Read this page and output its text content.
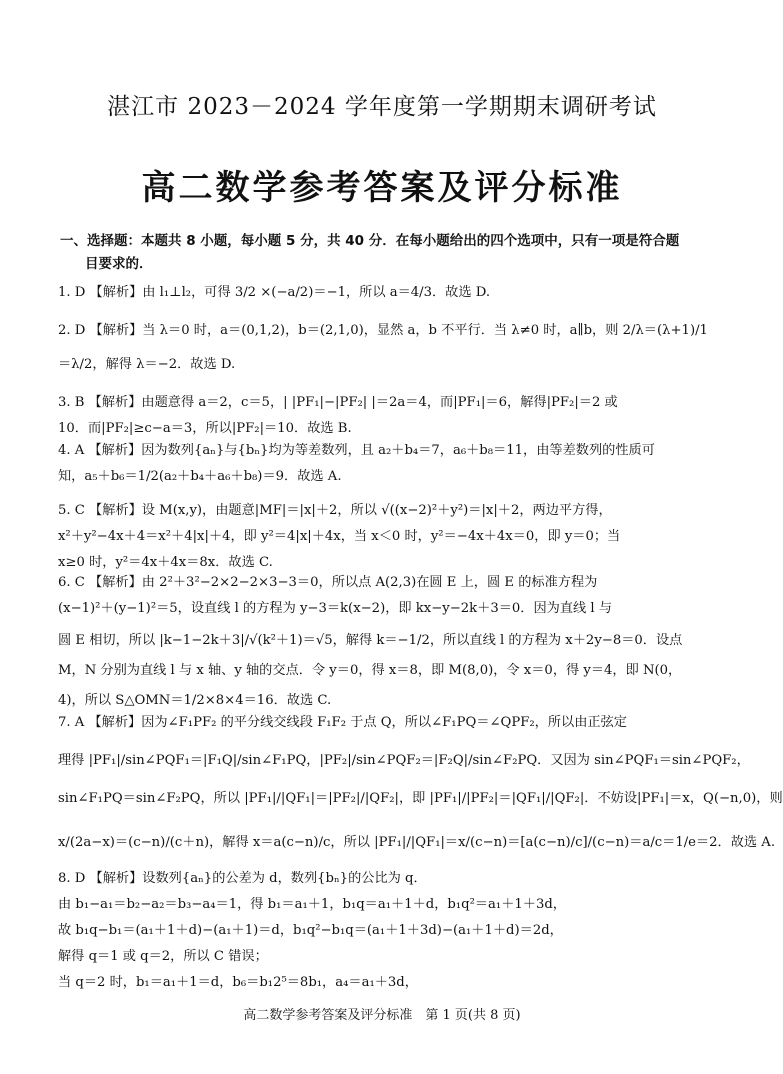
湛江市 2023－2024 学年度第一学期期末调研考试
高二数学参考答案及评分标准
一、选择题：本题共 8 小题，每小题 5 分，共 40 分．在每小题给出的四个选项中，只有一项是符合题
目要求的．
1. D 【解析】由 l₁⊥l₂，可得 3/2 ×(−a/2)＝−1，所以 a＝4/3．故选 D.
2. D 【解析】当 λ＝0 时，a＝(0,1,2)，b＝(2,1,0)，显然 a，b 不平行．当 λ≠0 时，a∥b，则 2/λ＝(λ+1)/1
＝λ/2，解得 λ＝−2．故选 D.
3. B 【解析】由题意得 a＝2，c＝5，| |PF₁|−|PF₂| |＝2a＝4，而|PF₁|＝6，解得|PF₂|＝2 或
10．而|PF₂|≥c−a＝3，所以|PF₂|＝10．故选 B.
4. A 【解析】因为数列{aₙ}与{bₙ}均为等差数列，且 a₂＋b₄＝7，a₆＋b₈＝11，由等差数列的性质可
知，a₅＋b₆＝1/2(a₂＋b₄＋a₆＋b₈)＝9．故选 A.
5. C 【解析】设 M(x,y)，由题意|MF|＝|x|＋2，所以 √((x−2)²＋y²)＝|x|＋2，两边平方得，
x²＋y²−4x＋4＝x²＋4|x|＋4，即 y²＝4|x|＋4x，当 x＜0 时，y²＝−4x＋4x＝0，即 y＝0；当
x≥0 时，y²＝4x＋4x＝8x．故选 C.
6. C 【解析】由 2²＋3²−2×2−2×3−3＝0，所以点 A(2,3)在圆 E 上，圆 E 的标准方程为
(x−1)²＋(y−1)²＝5，设直线 l 的方程为 y−3＝k(x−2)，即 kx−y−2k＋3＝0．因为直线 l 与
圆 E 相切，所以 |k−1−2k＋3|/√(k²＋1)＝√5，解得 k＝−1/2，所以直线 l 的方程为 x＋2y−8＝0．设点
M，N 分别为直线 l 与 x 轴、y 轴的交点．令 y＝0，得 x＝8，即 M(8,0)，令 x＝0，得 y＝4，即 N(0，
4)，所以 S△OMN＝1/2×8×4＝16．故选 C.
7. A 【解析】因为∠F₁PF₂ 的平分线交线段 F₁F₂ 于点 Q，所以∠F₁PQ＝∠QPF₂，所以由正弦定
理得 |PF₁|/sin∠PQF₁＝|F₁Q|/sin∠F₁PQ，|PF₂|/sin∠PQF₂＝|F₂Q|/sin∠F₂PQ．又因为 sin∠PQF₁＝sin∠PQF₂，
sin∠F₁PQ＝sin∠F₂PQ，所以 |PF₁|/|QF₁|＝|PF₂|/|QF₂|，即 |PF₁|/|PF₂|＝|QF₁|/|QF₂|．不妨设|PF₁|＝x，Q(−n,0)，则
x/(2a−x)＝(c−n)/(c＋n)，解得 x＝a(c−n)/c，所以 |PF₁|/|QF₁|＝x/(c−n)＝[a(c−n)/c]/(c−n)＝a/c＝1/e＝2．故选 A.
8. D 【解析】设数列{aₙ}的公差为 d，数列{bₙ}的公比为 q．
由 b₁−a₁＝b₂−a₂＝b₃−a₄＝1，得 b₁＝a₁＋1，b₁q＝a₁＋1＋d，b₁q²＝a₁＋1＋3d，
故 b₁q−b₁＝(a₁＋1＋d)−(a₁＋1)＝d，b₁q²−b₁q＝(a₁＋1＋3d)−(a₁＋1＋d)＝2d，
解得 q＝1 或 q＝2，所以 C 错误；
当 q＝2 时，b₁＝a₁＋1＝d，b₆＝b₁2⁵＝8b₁，a₄＝a₁＋3d，
高二数学参考答案及评分标准　第 1 页(共 8 页)
